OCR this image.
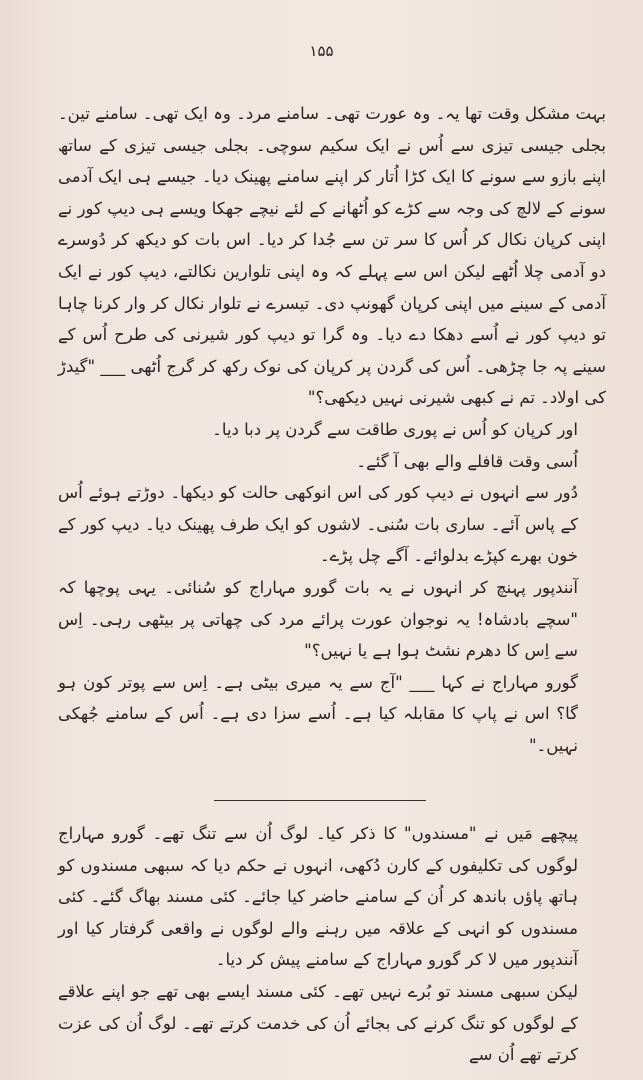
۱۵۵

بہت مشکل وقت تھا یہ۔ وہ عورت تھی۔ سامنے مرد۔ وہ ایک تھی۔ سامنے تین۔ بجلی جیسی تیزی سے اُس نے ایک سکیم سوچی۔ بجلی جیسی تیزی کے ساتھ اپنے بازو سے سونے کا ایک کڑا اُتار کر اپنے سامنے پھینک دیا۔ جیسے ہی ایک آدمی سونے کے لالچ کی وجہ سے کڑے کو اُٹھانے کے لئے نیچے جھکا ویسے ہی دیپ کور نے اپنی کرپان نکال کر اُس کا سر تن سے جُدا کر دیا۔ اس بات کو دیکھ کر دُوسرے دو آدمی چلا اُٹھے لیکن اس سے پہلے کہ وہ اپنی تلوارین نکالتے، دیپ کور نے ایک آدمی کے سینے میں اپنی کرپان گھونپ دی۔ تیسرے نے تلوار نکال کر وار کرنا چاہا تو دیپ کور نے اُسے دھکا دے دیا۔ وہ گرا تو دیپ کور شیرنی کی طرح اُس کے سینے پہ جا چڑھی۔ اُس کی گردن پر کرپان کی نوک رکھ کر گرج اُٹھی ___ "گیدڑ کی اولاد۔ تم نے کبھی شیرنی نہیں دیکھی؟"

اور کرپان کو اُس نے پوری طاقت سے گردن پر دبا دیا۔

اُسی وقت قافلے والے بھی آ گئے۔

دُور سے انہوں نے دیپ کور کی اس انوکھی حالت کو دیکھا۔ دوڑتے ہوئے اُس کے پاس آئے۔ ساری بات سُنی۔ لاشوں کو ایک طرف پھینک دیا۔ دیپ کور کے خون بھرے کپڑے بدلوائے۔ آگے چل پڑے۔

آنندپور پہنچ کر انہوں نے یہ بات گورو مہاراج کو سُنائی۔ یہی پوچھا کہ "سچے بادشاہ! یہ نوجوان عورت پرائے مرد کی چھاتی پر بیٹھی رہی۔ اِس سے اِس کا دھرم نشٹ ہوا ہے یا نہیں؟"

گورو مہاراج نے کہا ___ "آج سے یہ میری بیٹی ہے۔ اِس سے پوتر کون ہو گا؟ اس نے پاپ کا مقابلہ کیا ہے۔ اُسے سزا دی ہے۔ اُس کے سامنے جُھکی نہیں۔"

پیچھے مَیں نے "مسندوں" کا ذکر کیا۔ لوگ اُن سے تنگ تھے۔ گورو مہاراج لوگوں کی تکلیفوں کے کارن دُکھی، انہوں نے حکم دیا کہ سبھی مسندوں کو ہاتھ پاؤں باندھ کر اُن کے سامنے حاضر کیا جائے۔ کئی مسند بھاگ گئے۔ کئی مسندوں کو انہی کے علاقہ میں رہنے والے لوگوں نے واقعی گرفتار کیا اور آنندپور میں لا کر گورو مہاراج کے سامنے پیش کر دیا۔

لیکن سبھی مسند تو بُرے نہیں تھے۔ کئی مسند ایسے بھی تھے جو اپنے علاقے کے لوگوں کو تنگ کرنے کی بجائے اُن کی خدمت کرتے تھے۔ لوگ اُن کی عزت کرتے تھے اُن سے
